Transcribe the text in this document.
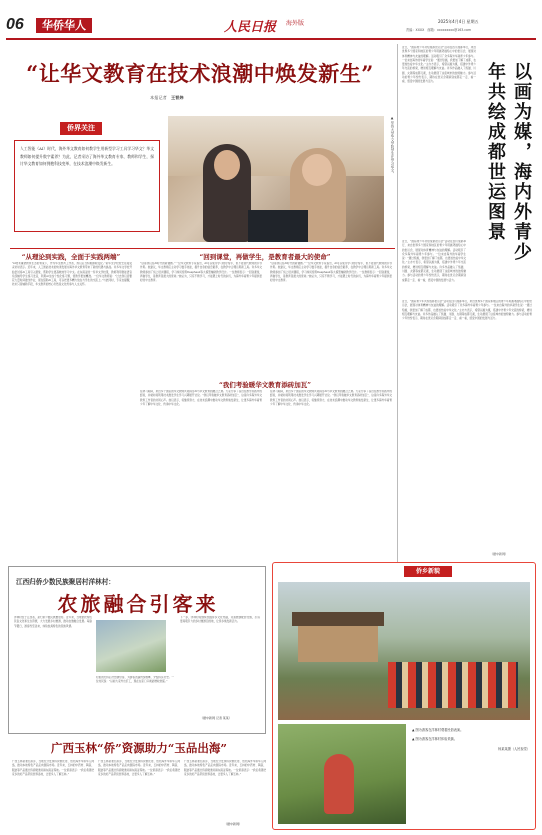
06	华侨华人	人民日报 海外版	2025年4月4日 星期五
责编：XXXX　 邮箱：xxxxxxxxx@163.com
“让华文教育在技术浪潮中焕发新生”
本报记者　 王晋炜
侨界关注
人工智能（AI）时代，海外华文教育如何教学生用新型学习工具学习华文？华文教师如何提升数字素养？为此，记者采访了海外华文教育专家、教师和学生，探讨华文教育如何拥抱科技变革，在技术浪潮中焕发新生。	▲ 华侨大学华文学院学生在学习华文。
“从理论到实践，全面于实践两端”	“回到课堂，再做学生，是教育者最大的使命”
“AI技术重塑教育生态的背景下，作为华文教育工作者，我们应当积极拥抱变化。”某华文学校校长在接受采访时表示。近年来，人工智能技术的快速发展为海外华文教育带来了新的机遇与挑战。许多华文学校开始尝试将AI工具引入课堂，帮助学生更高效地学习中文。在东南亚的一所华文学校里，教师利用智能语音系统辅导学生练习发音，利用AI生成个性化练习题，使教学更加精准。一位华文教师说：“过去我们需要花大量时间批改作业，现在借助AI工具，可以把更多精力放在与学生的交流上。”与此同时，专家也提醒，技术只是辅助手段，华文教育的核心仍然是文化传承与人文关怀。
“这是我们在AI时代的新课题。”一位华文教育专家指出，AI可以成为学习的好帮手，但不能替代教师的引导作用。他建议，华文教师应主动学习数字技能，提升自身的信息素养，在教学中合理运用新工具。许多华文教师参加了线上培训课程，学习如何使用DeepSeek等大模型辅助教学设计。一位教师表示：“回到课堂，再做学生，是教育者最大的使命。”她认为，只有不断学习，才能跟上时代的步伐，为海外华裔青少年提供更好的中文教育。
“这是我们在AI时代的新课题。”一位华文教育专家指出，AI可以成为学习的好帮手，但不能替代教师的引导作用。他建议，华文教师应主动学习数字技能，提升自身的信息素养，在教学中合理运用新工具。许多华文教师参加了线上培训课程，学习如何使用DeepSeek等大模型辅助教学设计。一位教师表示：“回到课堂，再做学生，是教育者最大的使命。”她认为，只有不断学习，才能跟上时代的步伐，为海外华裔青少年提供更好的中文教育。
“我们考验暖华文教育添砖加瓦”
在研习期间，来自多个国家的华文教师共同探讨AI与华文教育的融合之道。大家分享了各自在教学实践中的经验，并就如何利用技术激发学生学习兴趣展开讨论。“我们考验暖华文教育添砖加瓦”，这是许多海外华文教育工作者的共同心声。他们表示，将继续努力，在技术浪潮中推动华文教育焕发新生，让更多海外华裔青少年了解中华文化、传承中华文化。
在研习期间，来自多个国家的华文教师共同探讨AI与华文教育的融合之道。大家分享了各自在教学实践中的经验，并就如何利用技术激发学生学习兴趣展开讨论。“我们考验暖华文教育添砖加瓦”，这是许多海外华文教育工作者的共同心声。他们表示，将继续努力，在技术浪潮中推动华文教育焕发新生，让更多海外华裔青少年了解中华文化、传承中华文化。
近日，“国际青少年共绘成都世运会”活动在四川成都举行，来自世界多个国家和地区的青少年用画笔描绘心中的世运会，展现对体育精神与友谊的理解。活动吸引了众多海外华裔青少年参与。一位来自海外的华裔学生说：“通过绘画，我更加了解了成都，也更加热爱中华文化。”主办方表示，希望以画为媒，搭建中外青少年交流的桥梁，增进相互理解与友谊。许多作品融入了熊猫、川剧、火锅等成都元素，生动展现了这座城市的独特魅力。参与活动的青少年纷纷表示，期待在世运会期间到成都走一走、看一看，感受中国的发展与活力。	以画为媒，海内外青少年共绘成都世运图景
近日，“国际青少年共绘成都世运会”活动在四川成都举行，来自世界多个国家和地区的青少年用画笔描绘心中的世运会，展现对体育精神与友谊的理解。活动吸引了众多海外华裔青少年参与。一位来自海外的华裔学生说：“通过绘画，我更加了解了成都，也更加热爱中华文化。”主办方表示，希望以画为媒，搭建中外青少年交流的桥梁，增进相互理解与友谊。许多作品融入了熊猫、川剧、火锅等成都元素，生动展现了这座城市的独特魅力。参与活动的青少年纷纷表示，期待在世运会期间到成都走一走、看一看，感受中国的发展与活力。
近日，“国际青少年共绘成都世运会”活动在四川成都举行，来自世界多个国家和地区的青少年用画笔描绘心中的世运会，展现对体育精神与友谊的理解。活动吸引了众多海外华裔青少年参与。一位来自海外的华裔学生说：“通过绘画，我更加了解了成都，也更加热爱中华文化。”主办方表示，希望以画为媒，搭建中外青少年交流的桥梁，增进相互理解与友谊。许多作品融入了熊猫、川剧、火锅等成都元素，生动展现了这座城市的独特魅力。参与活动的青少年纷纷表示，期待在世运会期间到成都走一走、看一看，感受中国的发展与活力。
（据中新网）
江西归侨少数民族聚居村洋林村：
农旅融合引客来
洋林村位于江西省，是归侨少数民族聚居村。近年来，当地依托特色民俗文化和生态资源，大力发展乡村旅游，推动农旅融合发展。每逢节假日，游客纷至沓来，体验独具特色的民族风情。
村里的归侨后代热情好客，为游客表演传统歌舞，介绍侨乡历史。一位村民说：“以前大家外出打工，现在在家门口就能增收致富。”
下一步，洋林村将继续挖掘侨乡文化内涵，完善旅游配套设施，打造更具吸引力的乡村旅游目的地，让侨乡焕发新活力。
（据中新网 记者 某某）
广西玉林“侨”资源助力“玉品出海”
广西玉林是著名侨乡，当地充分发挥侨资源优势，依托海外华侨华人网络，推动本地特色产品走向国际市场。近年来，玉林的中药材、陶瓷、服装等产品通过侨商渠道远销东南亚等地。一位侨商表示：“我们希望把家乡的好产品带到世界各地，让更多人了解玉林。”
广西玉林是著名侨乡，当地充分发挥侨资源优势，依托海外华侨华人网络，推动本地特色产品走向国际市场。近年来，玉林的中药材、陶瓷、服装等产品通过侨商渠道远销东南亚等地。一位侨商表示：“我们希望把家乡的好产品带到世界各地，让更多人了解玉林。”
广西玉林是著名侨乡，当地充分发挥侨资源优势，依托海外华侨华人网络，推动本地特色产品走向国际市场。近年来，玉林的中药材、陶瓷、服装等产品通过侨商渠道远销东南亚等地。一位侨商表示：“我们希望把家乡的好产品带到世界各地，让更多人了解玉林。”
（据中新网）
侨乡新貌
▲ 图为游客在洋林村观看民俗表演。
▲ 图为游客在洋林村体验采摘。
杨某某摄（人民视觉）
